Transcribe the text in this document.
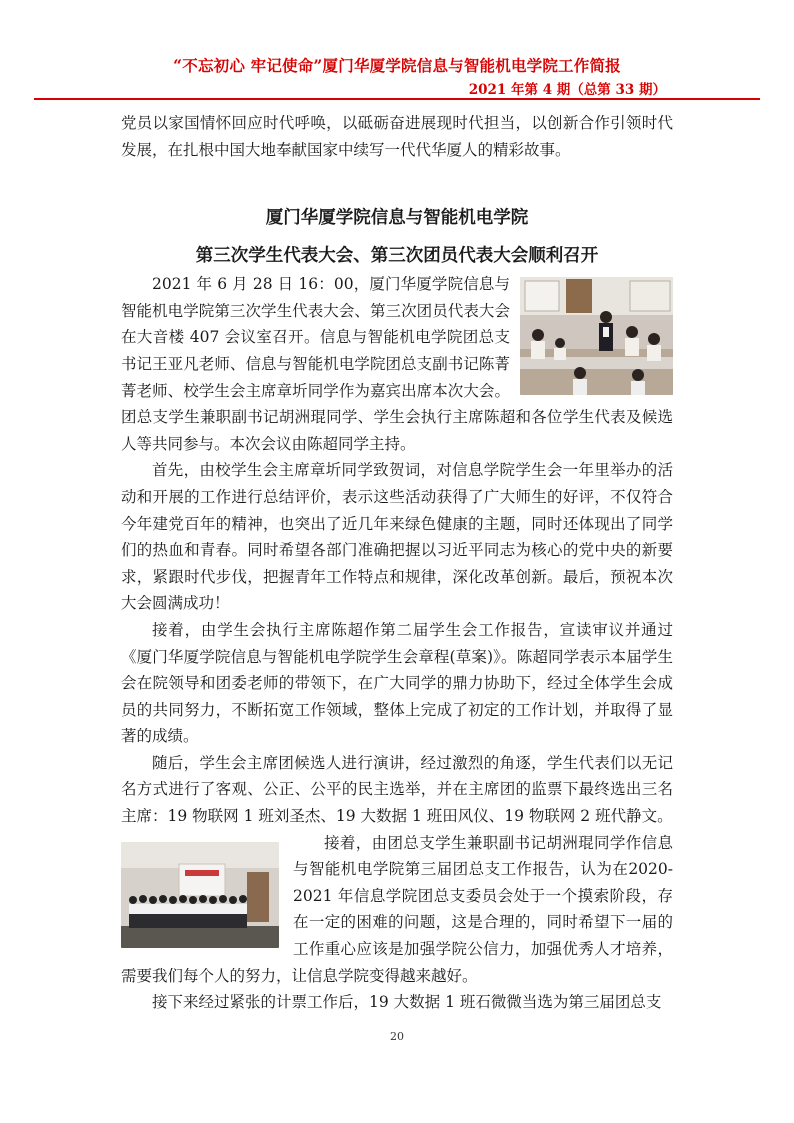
“不忘初心 牢记使命”厦门华厦学院信息与智能机电学院工作简报
2021 年第 4 期（总第 33 期）

党员以家国情怀回应时代呼唤，以砥砺奋进展现时代担当，以创新合作引领时代发展，在扎根中国大地奉献国家中续写一代代华厦人的精彩故事。

厦门华厦学院信息与智能机电学院

第三次学生代表大会、第三次团员代表大会顺利召开

2021 年 6 月 28 日 16：00，厦门华厦学院信息与智能机电学院第三次学生代表大会、第三次团员代表大会在大音楼 407 会议室召开。信息与智能机电学院团总支书记王亚凡老师、信息与智能机电学院团总支副书记陈菁菁老师、校学生会主席章圻同学作为嘉宾出席本次大会。团总支学生兼职副书记胡洲琨同学、学生会执行主席陈超和各位学生代表及候选人等共同参与。本次会议由陈超同学主持。

首先，由校学生会主席章圻同学致贺词，对信息学院学生会一年里举办的活动和开展的工作进行总结评价，表示这些活动获得了广大师生的好评，不仅符合今年建党百年的精神，也突出了近几年来绿色健康的主题，同时还体现出了同学们的热血和青春。同时希望各部门准确把握以习近平同志为核心的党中央的新要求，紧跟时代步伐，把握青年工作特点和规律，深化改革创新。最后，预祝本次大会圆满成功！

接着，由学生会执行主席陈超作第二届学生会工作报告，宣读审议并通过《厦门华厦学院信息与智能机电学院学生会章程(草案)》。陈超同学表示本届学生会在院领导和团委老师的带领下，在广大同学的鼎力协助下，经过全体学生会成员的共同努力，不断拓宽工作领域，整体上完成了初定的工作计划，并取得了显著的成绩。

随后，学生会主席团候选人进行演讲，经过激烈的角逐，学生代表们以无记名方式进行了客观、公正、公平的民主选举，并在主席团的监票下最终选出三名主席：19 物联网 1 班刘圣杰、19 大数据 1 班田风仪、19 物联网 2 班代静文。

接着，由团总支学生兼职副书记胡洲琨同学作信息与智能机电学院第三届团总支工作报告，认为在2020-2021 年信息学院团总支委员会处于一个摸索阶段，存在一定的困难的问题，这是合理的，同时希望下一届的工作重心应该是加强学院公信力，加强优秀人才培养，需要我们每个人的努力，让信息学院变得越来越好。

接下来经过紧张的计票工作后，19 大数据 1 班石微微当选为第三届团总支

20
